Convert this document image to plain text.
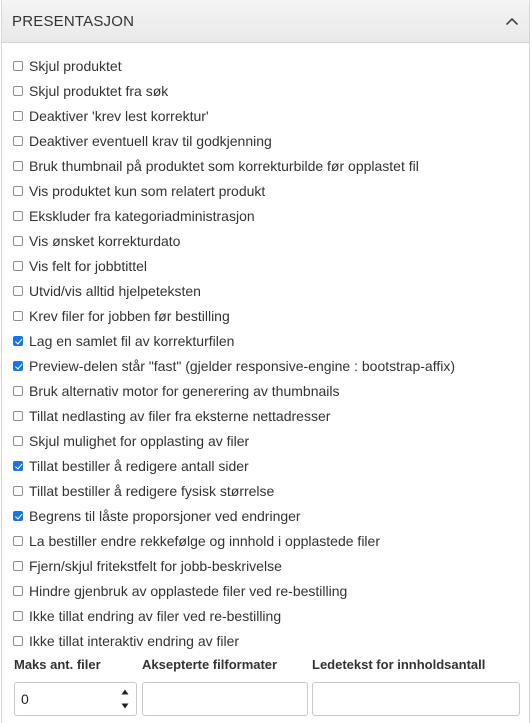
PRESENTASJON
Skjul produktet
Skjul produktet fra søk
Deaktiver 'krev lest korrektur'
Deaktiver eventuell krav til godkjenning
Bruk thumbnail på produktet som korrekturbilde før opplastet fil
Vis produktet kun som relatert produkt
Ekskluder fra kategoriadministrasjon
Vis ønsket korrekturdato
Vis felt for jobbtittel
Utvid/vis alltid hjelpeteksten
Krev filer for jobben før bestilling
Lag en samlet fil av korrekturfilen
Preview-delen står "fast" (gjelder responsive-engine : bootstrap-affix)
Bruk alternativ motor for generering av thumbnails
Tillat nedlasting av filer fra eksterne nettadresser
Skjul mulighet for opplasting av filer
Tillat bestiller å redigere antall sider
Tillat bestiller å redigere fysisk størrelse
Begrens til låste proporsjoner ved endringer
La bestiller endre rekkefølge og innhold i opplastede filer
Fjern/skjul fritekstfelt for jobb-beskrivelse
Hindre gjenbruk av opplastede filer ved re-bestilling
Ikke tillat endring av filer ved re-bestilling
Ikke tillat interaktiv endring av filer
Maks ant. filer	Aksepterte filformater	Ledetekst for innholdsantall
0
